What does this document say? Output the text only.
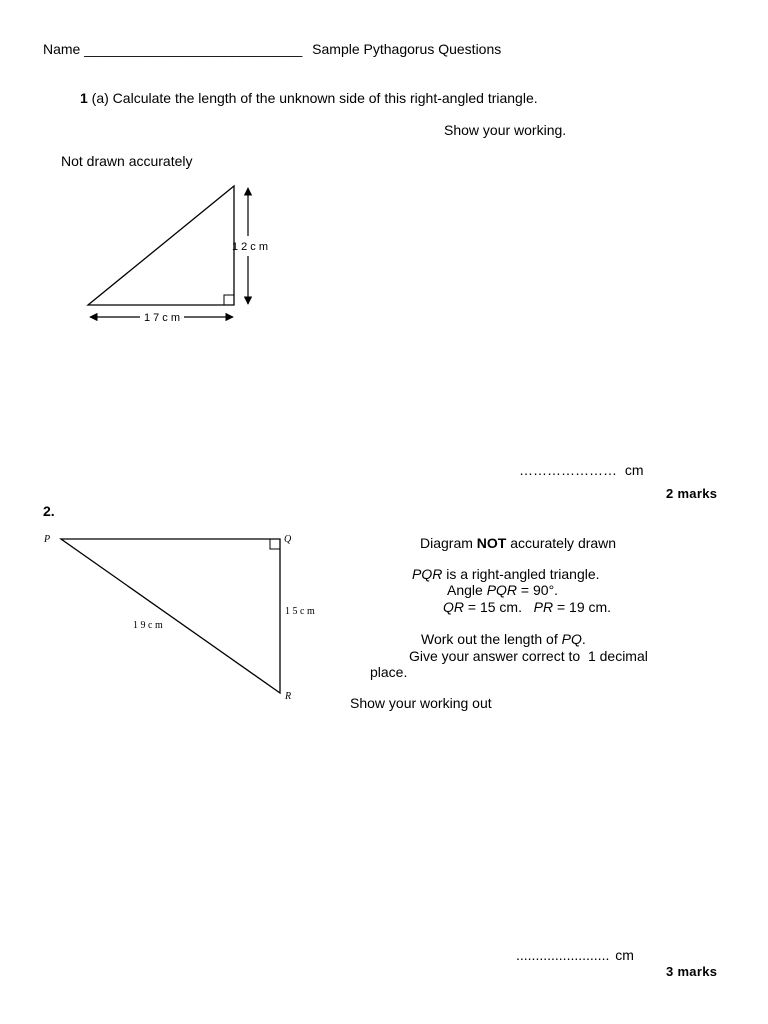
Name ____________________________ Sample Pythagorus Questions
1 (a) Calculate the length of the unknown side of this right-angled triangle.
Show your working.
Not drawn accurately
1 2 c m
1 7 c m
………………… cm
2 marks
2.
P	Q
R
1 5 c m
1 9 c m
Diagram NOT accurately drawn
PQR is a right-angled triangle.
Angle PQR = 90°.
QR = 15 cm.   PR = 19 cm.
Work out the length of PQ.
Give your answer correct to  1 decimal
place.
Show your working out
........................ cm
3 marks
